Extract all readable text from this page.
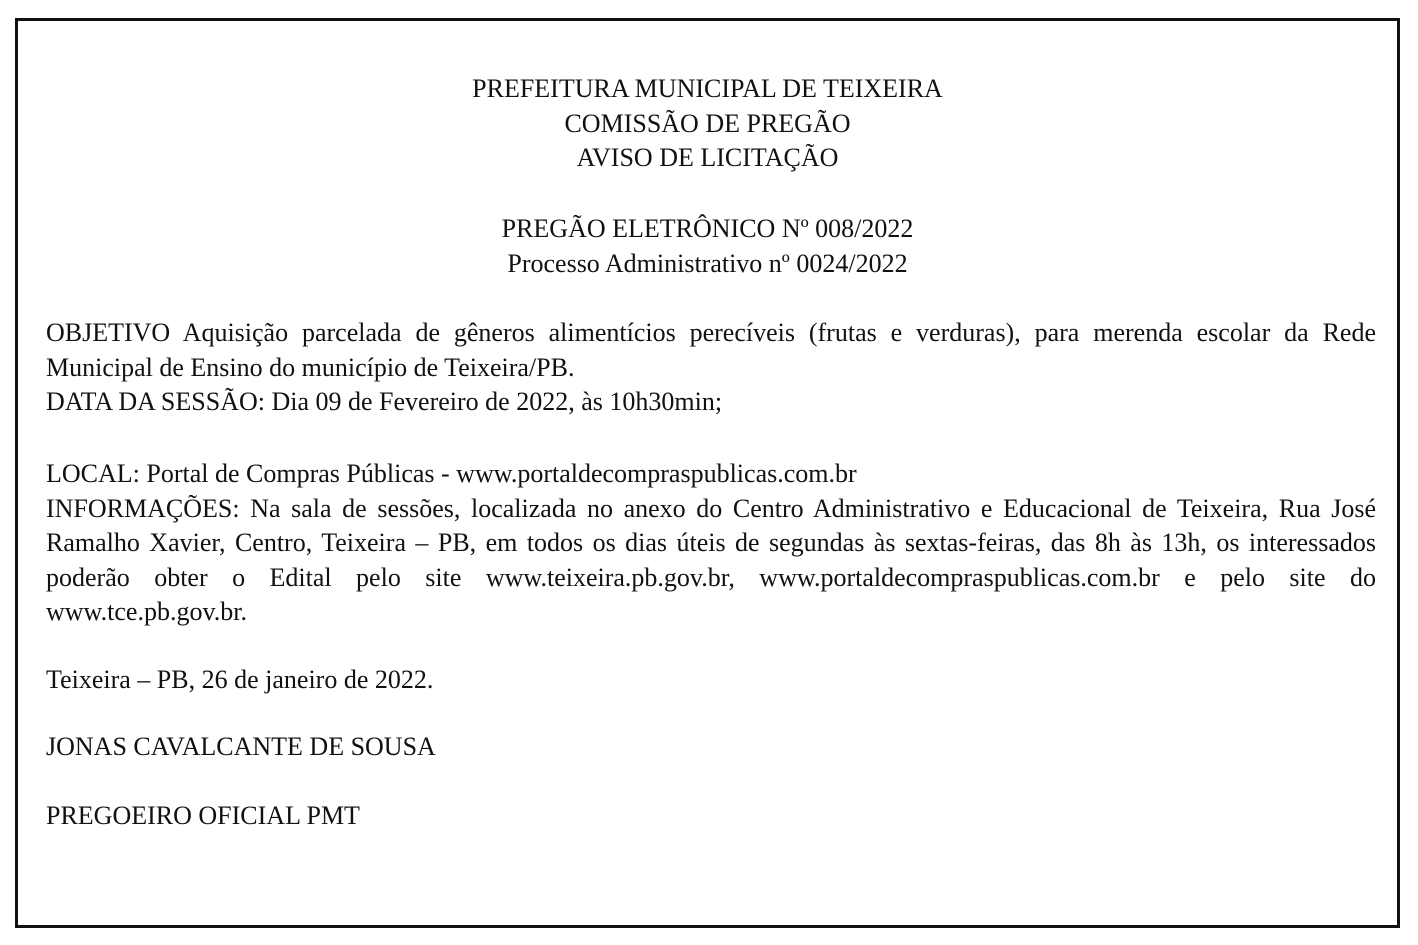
PREFEITURA MUNICIPAL DE TEIXEIRA
COMISSÃO DE PREGÃO
AVISO DE LICITAÇÃO
PREGÃO ELETRÔNICO Nº 008/2022
Processo Administrativo nº 0024/2022

OBJETIVO Aquisição parcelada de gêneros alimentícios perecíveis (frutas e verduras), para merenda escolar da Rede Municipal de Ensino do município de Teixeira/PB.

DATA DA SESSÃO: Dia 09 de Fevereiro de 2022, às 10h30min;

LOCAL: Portal de Compras Públicas - www.portaldecompraspublicas.com.br

INFORMAÇÕES: Na sala de sessões, localizada no anexo do Centro Administrativo e Educacional de Teixeira, Rua José Ramalho Xavier, Centro, Teixeira – PB, em todos os dias úteis de segundas às sextas-feiras, das 8h às 13h, os interessados poderão obter o Edital pelo site www.teixeira.pb.gov.br, www.portaldecompraspublicas.com.br e pelo site do www.tce.pb.gov.br.

Teixeira – PB, 26 de janeiro de 2022.

JONAS CAVALCANTE DE SOUSA

PREGOEIRO OFICIAL PMT
